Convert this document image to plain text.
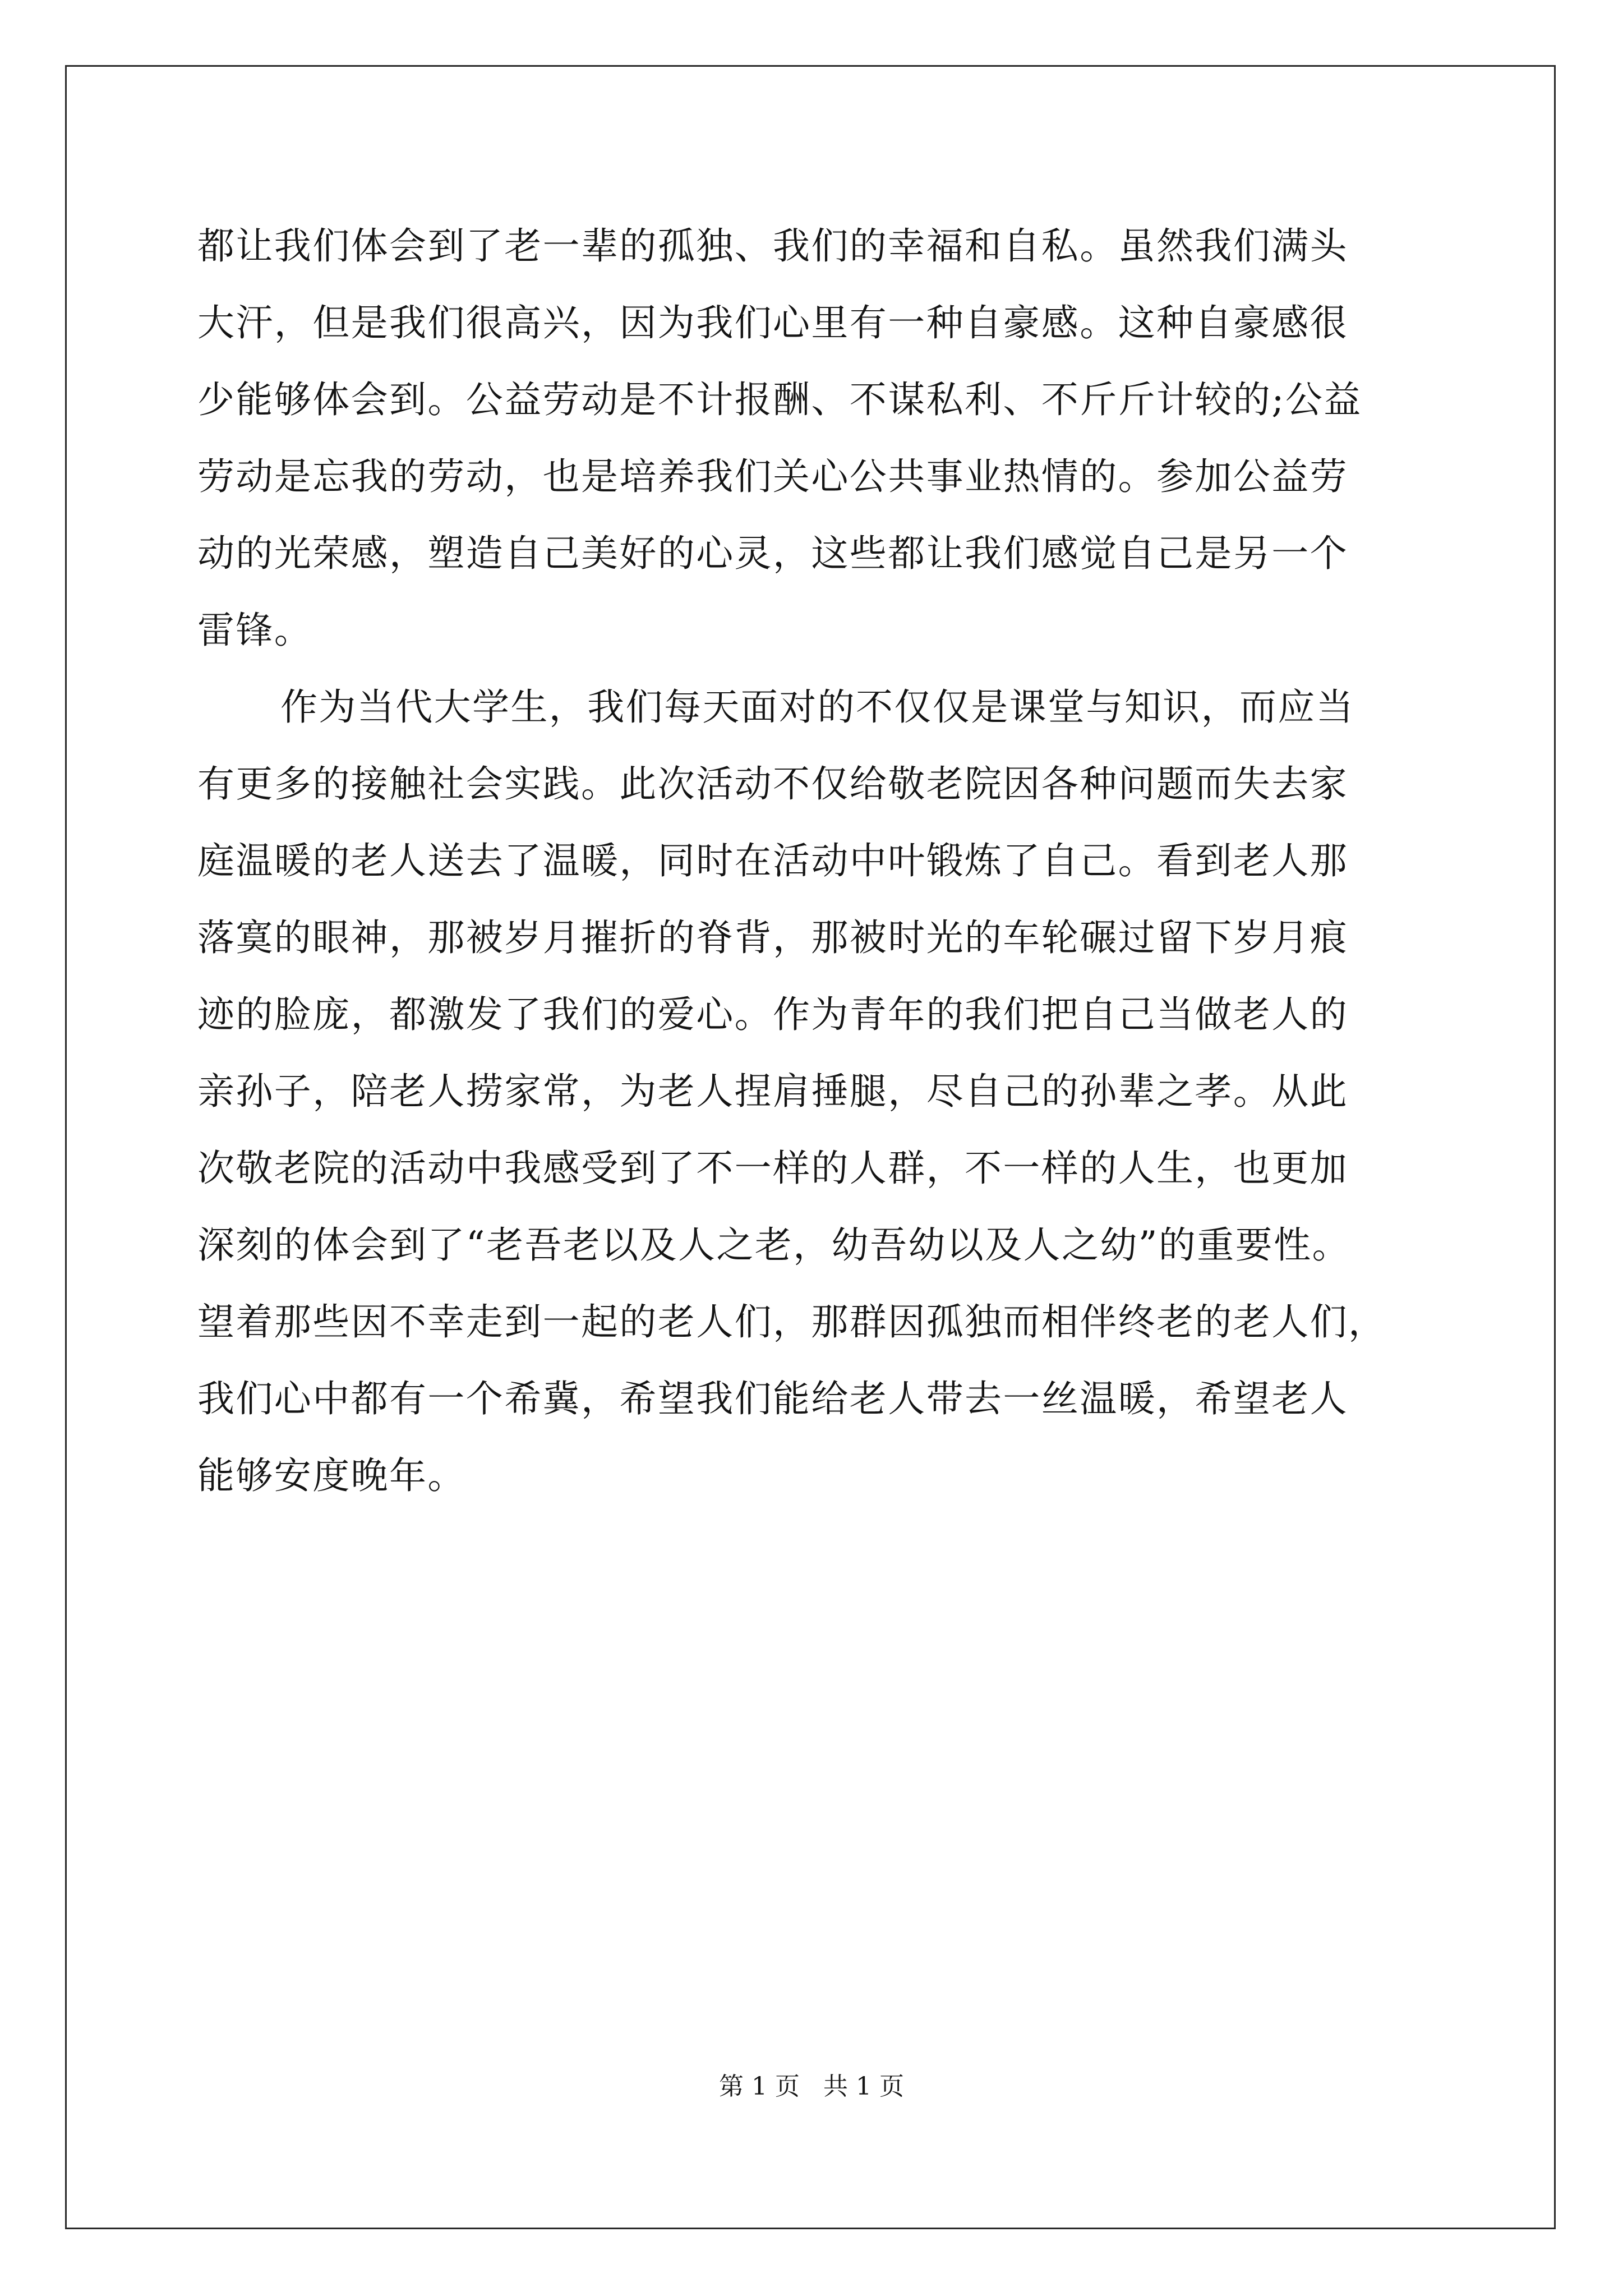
都让我们体会到了老一辈的孤独、我们的幸福和自私。虽然我们满头
大汗，但是我们很高兴，因为我们心里有一种自豪感。这种自豪感很
少能够体会到。公益劳动是不计报酬、不谋私利、不斤斤计较的;公益
劳动是忘我的劳动，也是培养我们关心公共事业热情的。参加公益劳
动的光荣感，塑造自己美好的心灵，这些都让我们感觉自己是另一个
雷锋。
作为当代大学生，我们每天面对的不仅仅是课堂与知识，而应当
有更多的接触社会实践。此次活动不仅给敬老院因各种问题而失去家
庭温暖的老人送去了温暖，同时在活动中叶锻炼了自己。看到老人那
落寞的眼神，那被岁月摧折的脊背，那被时光的车轮碾过留下岁月痕
迹的脸庞，都激发了我们的爱心。作为青年的我们把自己当做老人的
亲孙子，陪老人捞家常，为老人捏肩捶腿，尽自己的孙辈之孝。从此
次敬老院的活动中我感受到了不一样的人群，不一样的人生，也更加
深刻的体会到了“老吾老以及人之老，幼吾幼以及人之幼”的重要性。
望着那些因不幸走到一起的老人们，那群因孤独而相伴终老的老人们，
我们心中都有一个希冀，希望我们能给老人带去一丝温暖，希望老人
能够安度晚年。
第 1 页   共 1 页
